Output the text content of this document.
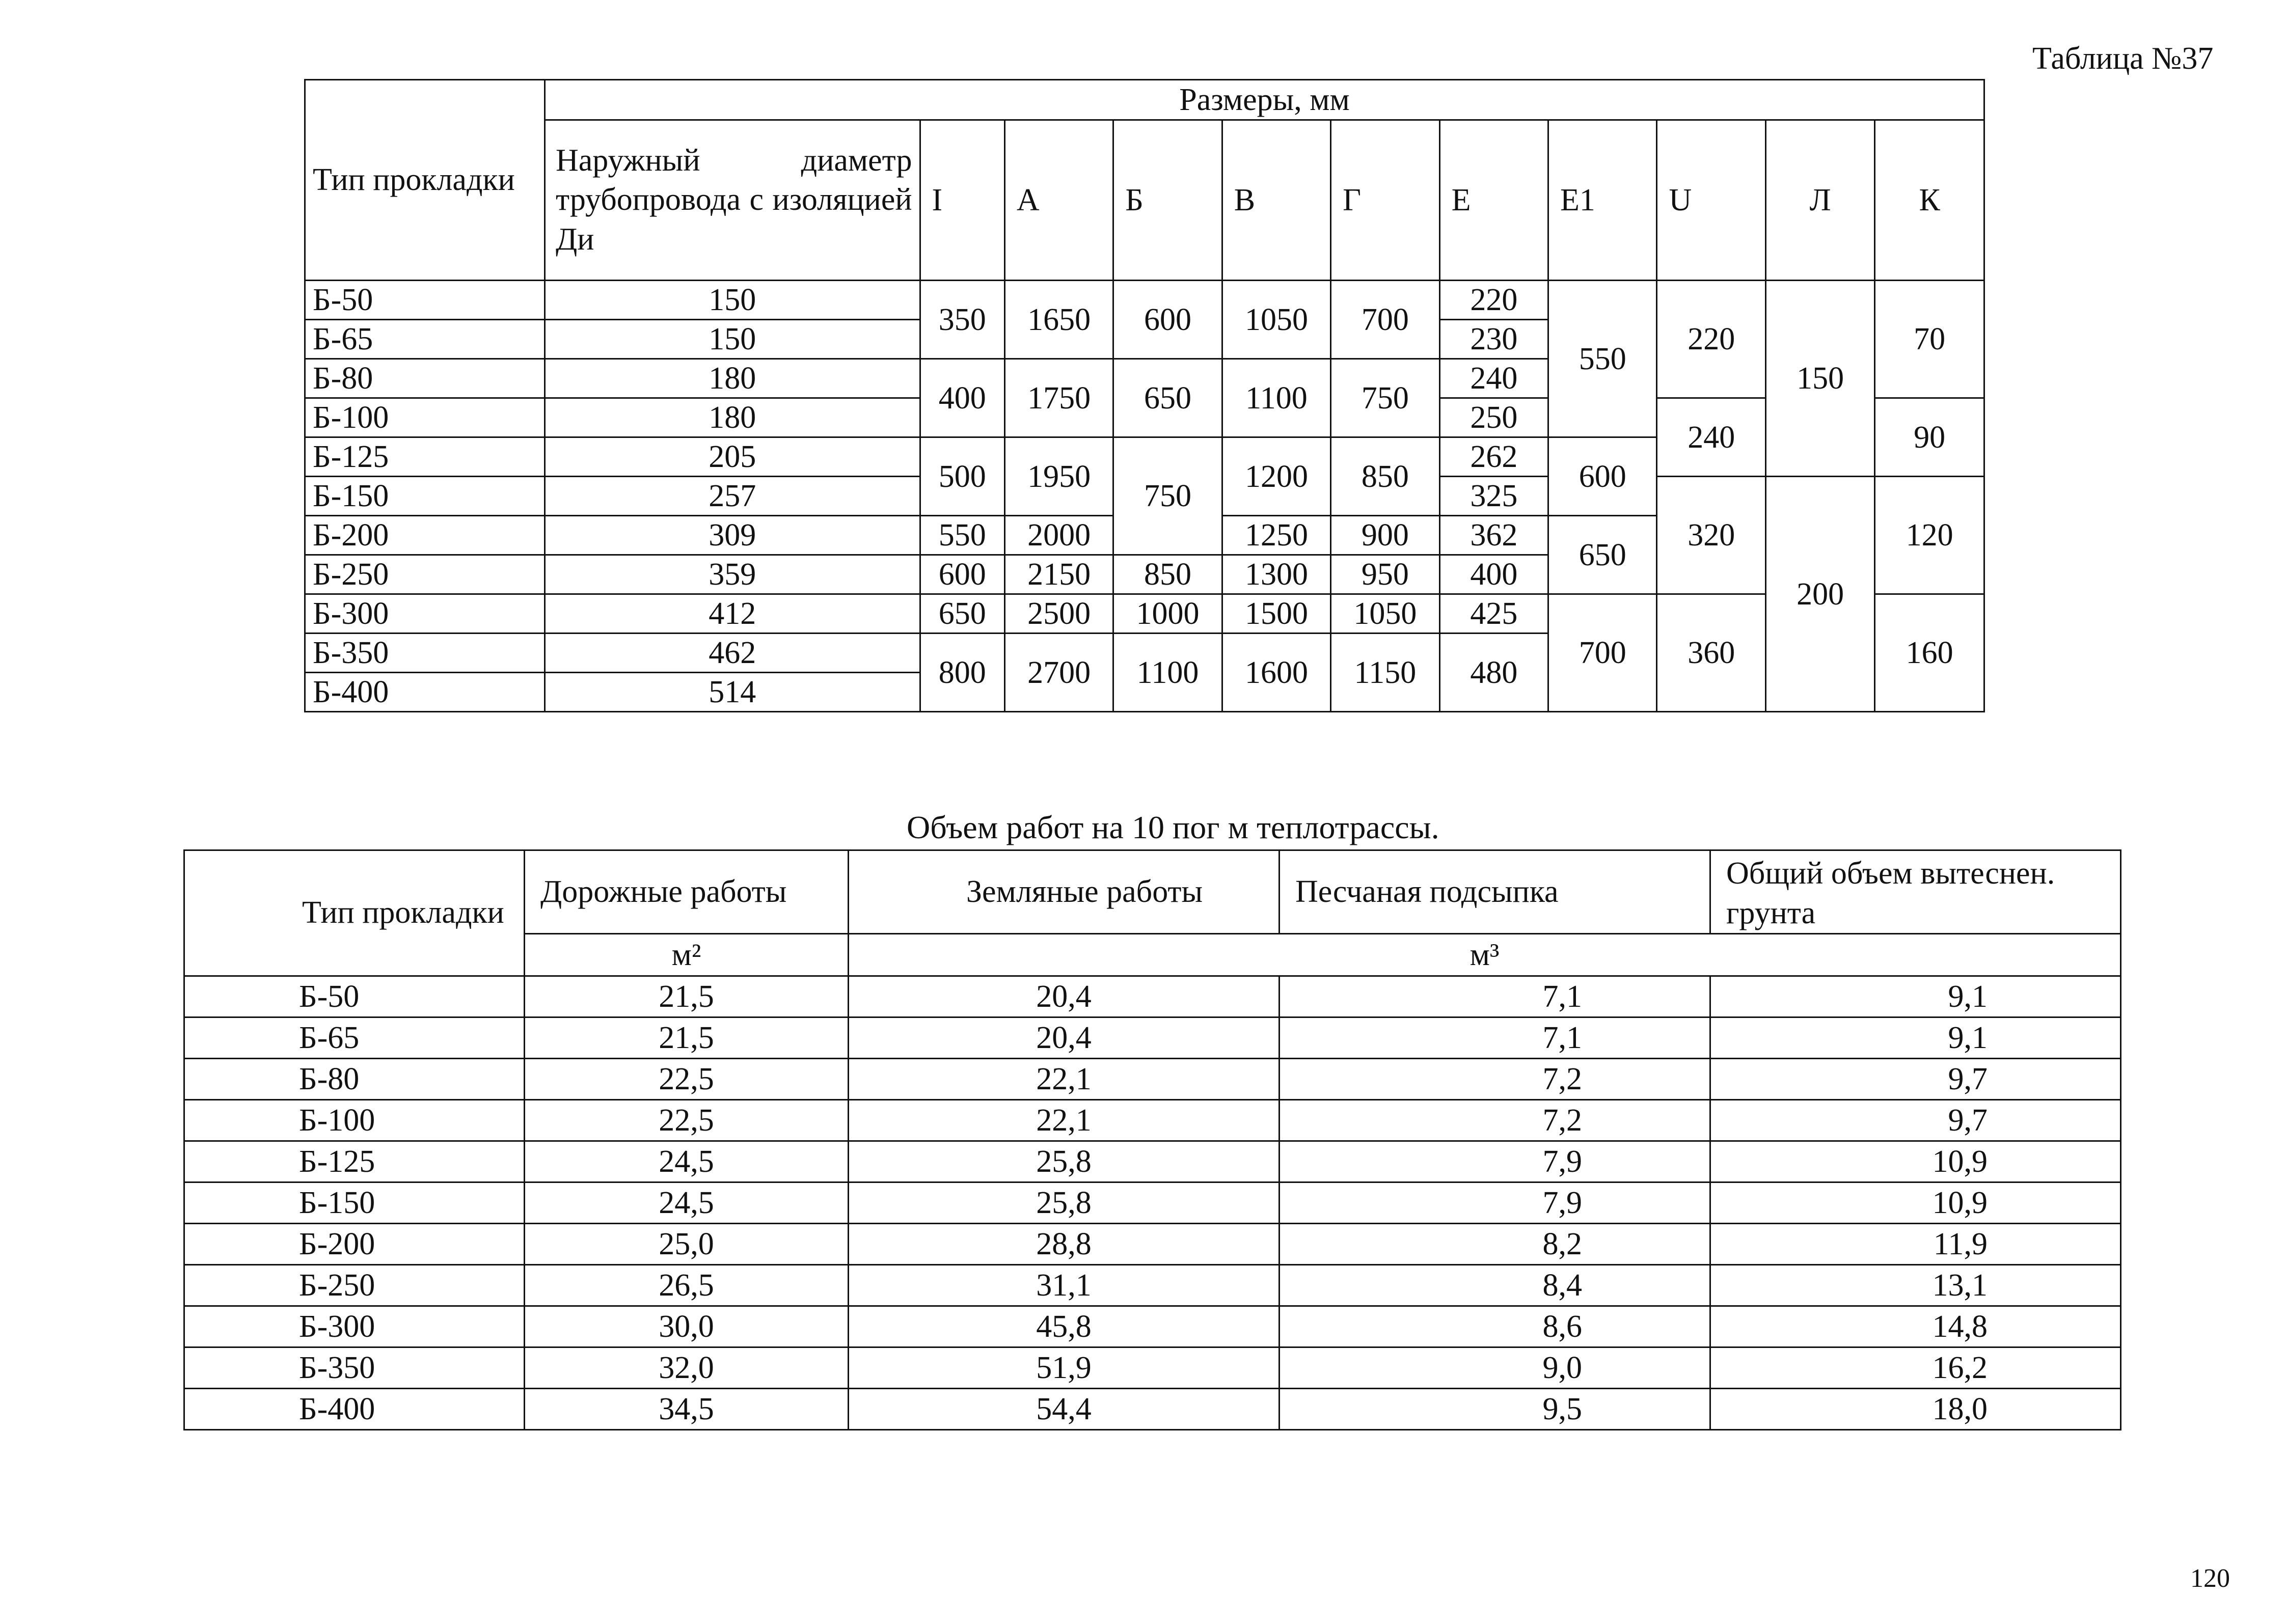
Таблица №37
Тип прокладки	Размеры, мм										
	Наружный диаметр трубопровода с изоляцией Ди	I	А	Б	В	Г	Е	Е1	U	Л	К
Б-50	150	350	1650	600	1050	700	220	550	220	150	70
Б-65	150						230				
Б-80	180	400	1750	650	1100	750	240				
Б-100	180						250		240		90
Б-125	205	500	1950	750	1200	850	262	600			
Б-150	257						325		320	200	120
Б-200	309	550	2000		1250	900	362	650			
Б-250	359	600	2150	850	1300	950	400				
Б-300	412	650	2500	1000	1500	1050	425	700	360		160
Б-350	462	800	2700	1100	1600	1150	480				
Б-400	514										
Объем работ на 10 пог м теплотрассы.
Тип прокладки	Дорожные работы	Земляные работы	Песчаная подсыпка	Общий объем вытеснен. грунта
	м²	м³		
Б-50	21,5	20,4	7,1	9,1
Б-65	21,5	20,4	7,1	9,1
Б-80	22,5	22,1	7,2	9,7
Б-100	22,5	22,1	7,2	9,7
Б-125	24,5	25,8	7,9	10,9
Б-150	24,5	25,8	7,9	10,9
Б-200	25,0	28,8	8,2	11,9
Б-250	26,5	31,1	8,4	13,1
Б-300	30,0	45,8	8,6	14,8
Б-350	32,0	51,9	9,0	16,2
Б-400	34,5	54,4	9,5	18,0
120
